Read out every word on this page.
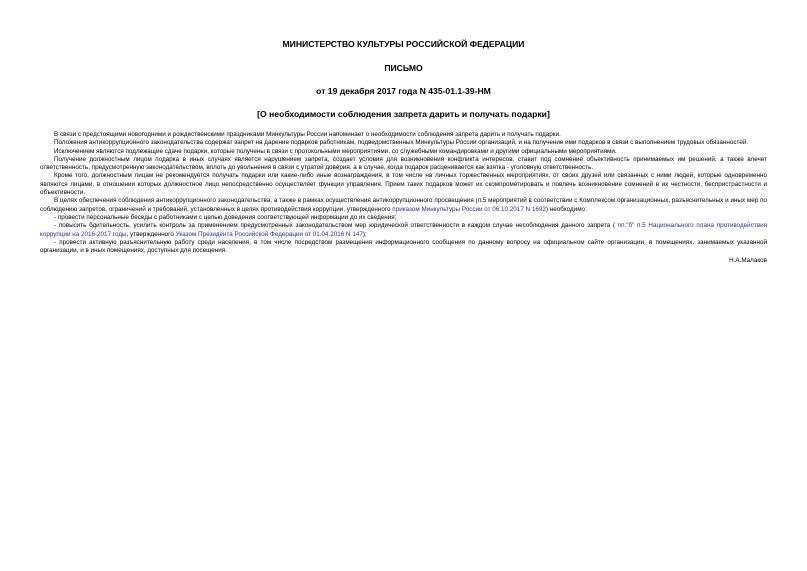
МИНИСТЕРСТВО КУЛЬТУРЫ РОССИЙСКОЙ ФЕДЕРАЦИИ
ПИСЬМО
от 19 декабря 2017 года N 435-01.1-39-НМ
[О необходимости соблюдения запрета дарить и получать подарки]

В связи с предстоящими новогодними и рождественскими праздниками Минкультуры России напоминает о необходимости соблюдения запрета дарить и получать подарки.

Положения антикоррупционного законодательства содержат запрет на дарение подарков работникам, подведомственных Минкультуры России организаций, и на получение ими подарков в связи с выполнением трудовых обязанностей.

Исключением являются подлежащие сдаче подарки, которые получены в связи с протокольными мероприятиями, со служебными командировками и другими официальными мероприятиями.

Получение должностным лицом подарка в иных случаях является нарушением запрета, создает условия для возникновения конфликта интересов, ставит под сомнение объективность принимаемых им решений, а также влечет ответственность, предусмотренную законодательством, вплоть до увольнения в связи с утратой доверия, а в случае, когда подарок расценивается как взятка - уголовную ответственность.

Кроме того, должностным лицам не рекомендуется получать подарки или какие-либо иные вознаграждения, в том числе на личных торжественных мероприятиях, от своих друзей или связанных с ними людей, которые одновременно являются лицами, в отношении которых должностное лицо непосредственно осуществляет функции управления. Прием таких подарков может их скомпрометировать и повлечь возникновение сомнений в их честности, беспристрастности и объективности.

В целях обеспечения соблюдения антикоррупционного законодательства, а также в рамках осуществления антикоррупционного просвещения (п.5 мероприятий в соответствии с Комплексом организационных, разъяснительных и иных мер по соблюдению запретов, ограничений и требований, установленных в целях противодействия коррупции, утвержденного приказом Минкультуры России от 06.10.2017 N 1692) необходимо:

- провести персональные беседы с работниками с целью доведения соответствующей информации до их сведения;

- повысить бдительность, усилить контроль за применением предусмотренных законодательством мер юридической ответственности в каждом случае несоблюдения данного запрета ( пп."б" п.5 Национального плана противодействия коррупции на 2016-2017 годы, утвержденного Указом Президента Российской Федерации от 01.04.2016 N 147);

- провести активную разъяснительную работу среди населения, в том числе посредством размещения информационного сообщения по данному вопросу на официальном сайте организации, в помещениях, занимаемых указанной организации, и в иных помещениях, доступных для посещения.

Н.А.Малаков
